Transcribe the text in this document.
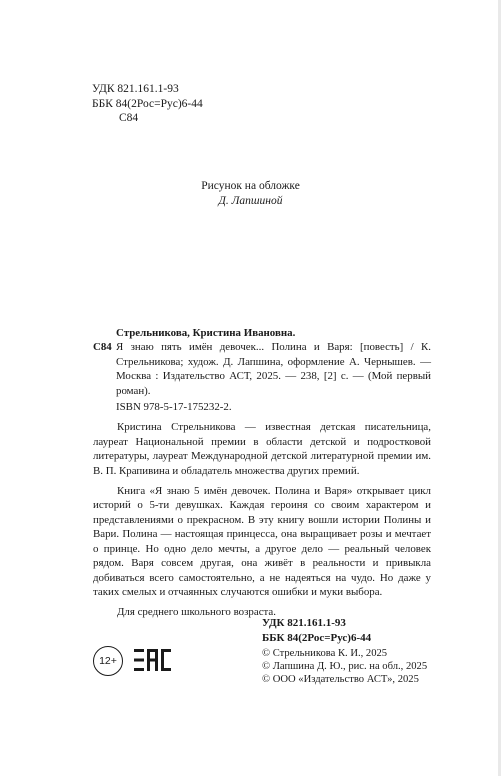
УДК 821.161.1-93
ББК 84(2Рос=Рус)6-44
С84
Рисунок на обложке
Д. Лапшиной
Стрельникова, Кристина Ивановна.
С84 Я знаю пять имён девочек... Полина и Варя: [повесть] / К. Стрельникова; худож. Д. Лапшина, оформление А. Чернышев. — Москва : Издательство АСТ, 2025. — 238, [2] с. — (Мой первый роман).
ISBN 978-5-17-175232-2.

Кристина Стрельникова — известная детская писательница, лауреат Национальной премии в области детской и подростковой литературы, лауреат Международной детской литературной премии им. В. П. Крапивина и обладатель множества других премий.

Книга «Я знаю 5 имён девочек. Полина и Варя» открывает цикл историй о 5-ти девушках. Каждая героиня со своим характером и представлениями о прекрасном. В эту книгу вошли истории Полины и Вари. Полина — настоящая принцесса, она выращивает розы и мечтает о принце. Но одно дело мечты, а другое дело — реальный человек рядом. Варя совсем другая, она живёт в реальности и привыкла добиваться всего самостоятельно, а не надеяться на чудо. Но даже у таких смелых и отчаянных случаются ошибки и муки выбора.

Для среднего школьного возраста.

УДК 821.161.1-93
ББК 84(2Рос=Рус)6-44
12+
© Стрельникова К. И., 2025
© Лапшина Д. Ю., рис. на обл., 2025
© ООО «Издательство АСТ», 2025
